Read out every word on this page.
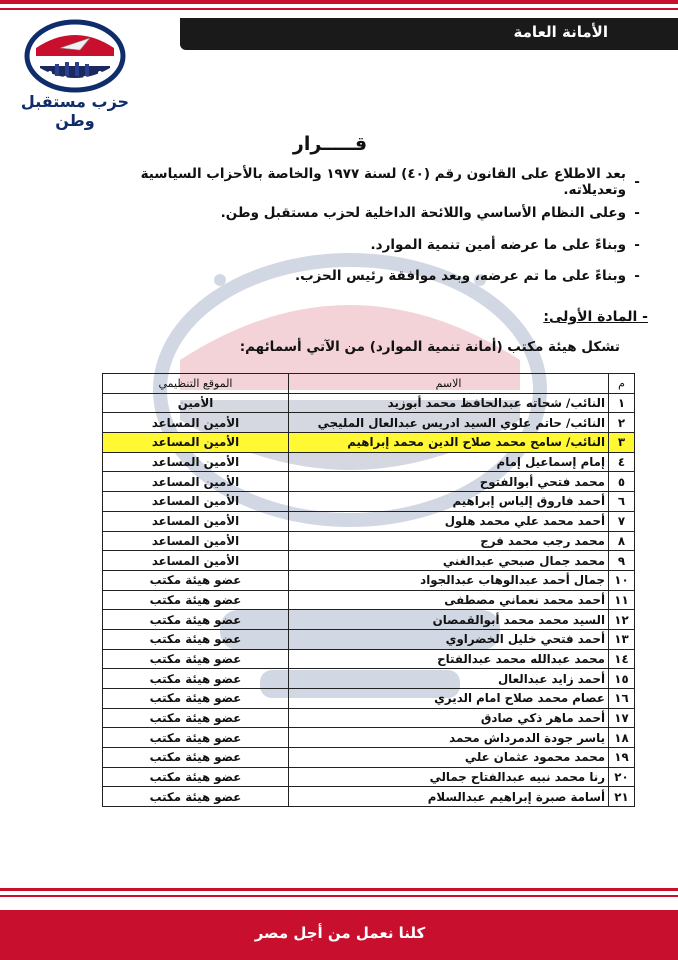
الأمانة العامة
حزب مستقبل وطن
قـــــرار
-
بعد الاطلاع على القانون رقم (٤٠) لسنة ١٩٧٧ والخاصة بالأحزاب السياسية وتعديلاته.
-
وعلى النظام الأساسي واللائحة الداخلية لحزب مستقبل وطن.
-
وبناءً على ما عرضه أمين تنمية الموارد.
-
وبناءً على ما تم عرضه، وبعد موافقة رئيس الحزب.
- المادة الأولى:
تشكل هيئة مكتب (أمانة تنمية الموارد) من الآتي أسمائهم:
م	الاسم	الموقع التنظيمي
١	النائب/ شحاته عبدالحافظ محمد أبوزيد	الأمين
٢	النائب/ حاتم علوي السيد ادريس عبدالعال المليجي	الأمين المساعد
٣	النائب/ سامح محمد صلاح الدين محمد إبراهيم	الأمين المساعد
٤	إمام إسماعيل إمام	الأمين المساعد
٥	محمد فتحي أبوالفتوح	الأمين المساعد
٦	أحمد فاروق إلياس إبراهيم	الأمين المساعد
٧	أحمد محمد علي محمد هلول	الأمين المساعد
٨	محمد رجب محمد فرج	الأمين المساعد
٩	محمد جمال صبحي عبدالغني	الأمين المساعد
١٠	جمال أحمد عبدالوهاب عبدالجواد	عضو هيئة مكتب
١١	أحمد محمد نعماني مصطفى	عضو هيئة مكتب
١٢	السيد محمد محمد أبوالقمصان	عضو هيئة مكتب
١٣	أحمد فتحي خليل الخضراوي	عضو هيئة مكتب
١٤	محمد عبدالله محمد عبدالفتاح	عضو هيئة مكتب
١٥	أحمد زايد عبدالعال	عضو هيئة مكتب
١٦	عصام محمد صلاح امام الديري	عضو هيئة مكتب
١٧	أحمد ماهر ذكي صادق	عضو هيئة مكتب
١٨	ياسر جودة الدمرداش محمد	عضو هيئة مكتب
١٩	محمد محمود عثمان علي	عضو هيئة مكتب
٢٠	رنا محمد نبيه عبدالفتاح جمالي	عضو هيئة مكتب
٢١	أسامة صبرة إبراهيم عبدالسلام	عضو هيئة مكتب
كلنا نعمل من أجل مصر
